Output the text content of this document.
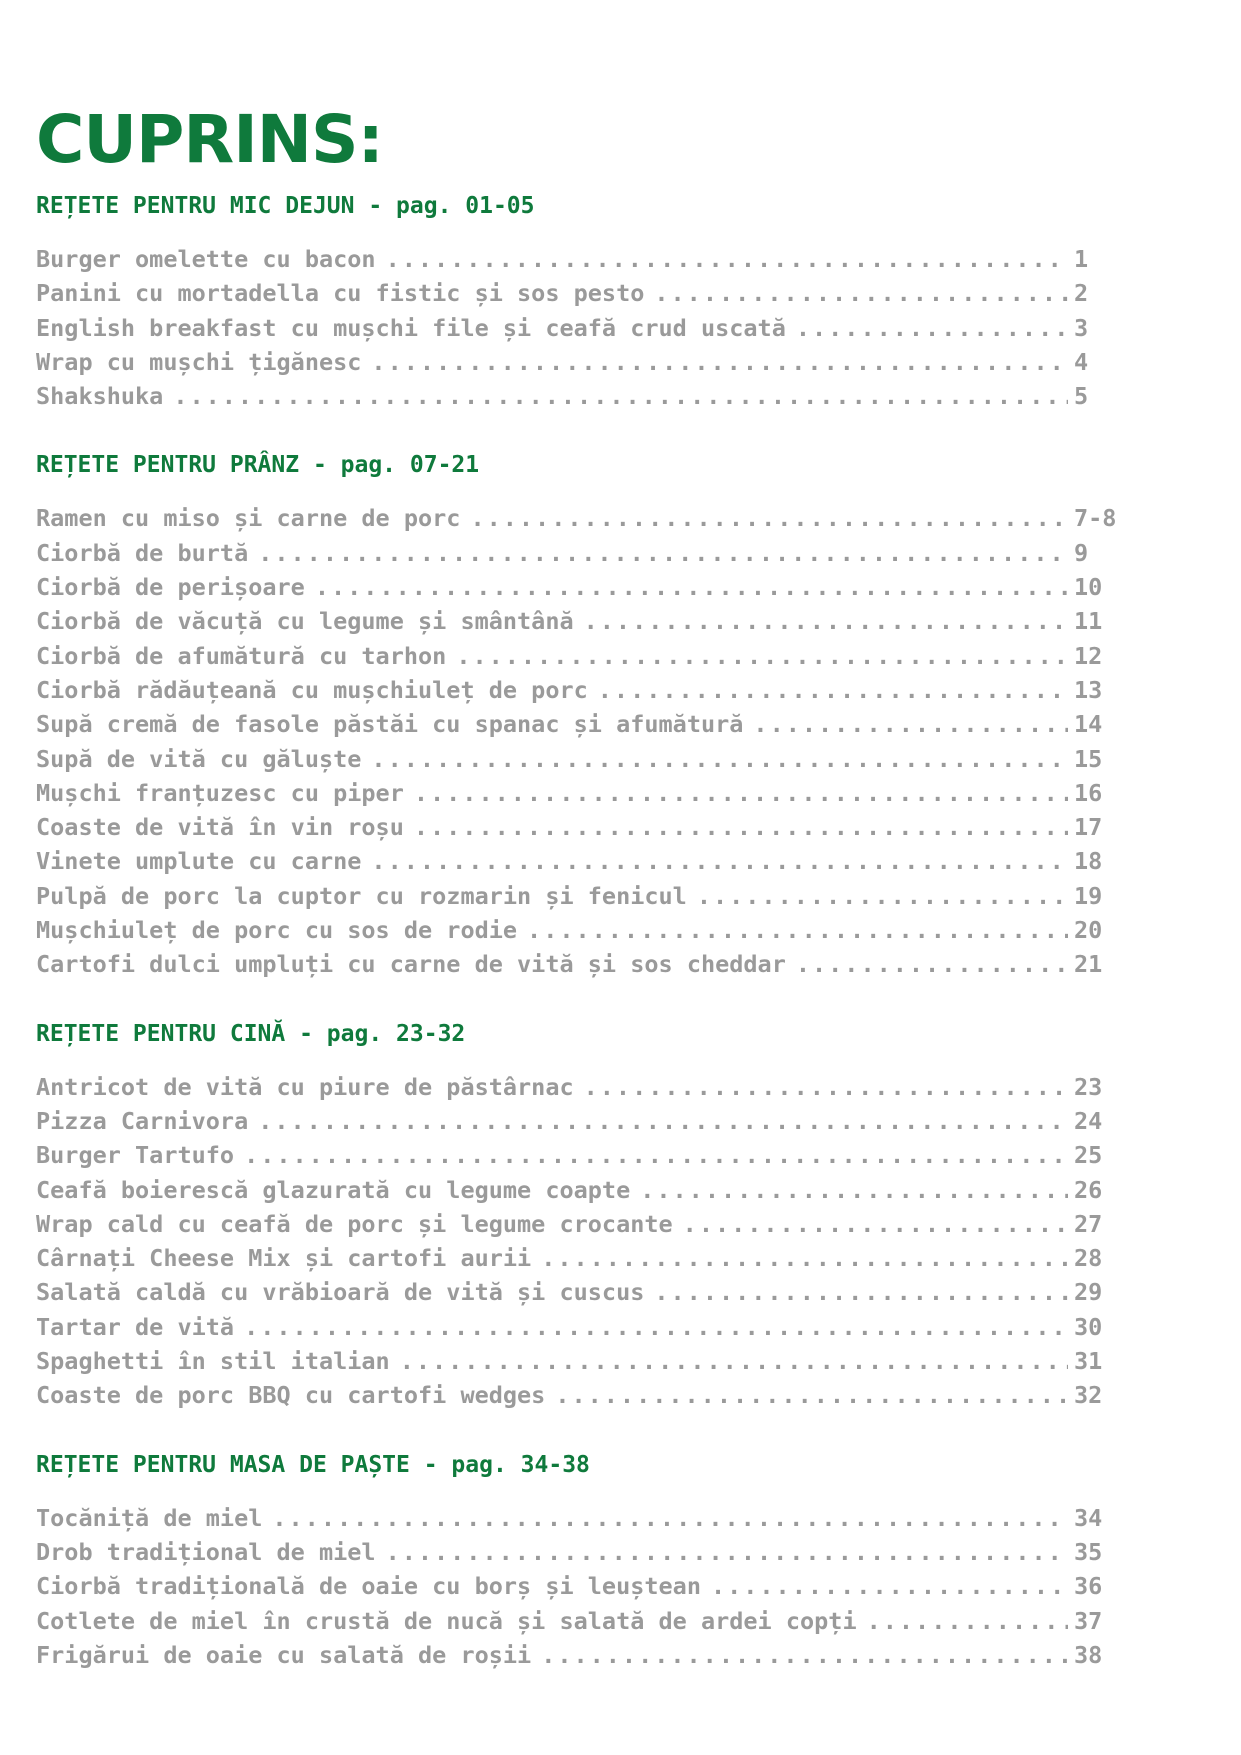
CUPRINS:
REȚETE PENTRU MIC DEJUN - pag. 01-05
Burger omelette cu bacon .....	1
Panini cu mortadella cu fistic și sos pesto .....	2
English breakfast cu mușchi file și ceafă crud uscată .....	3
Wrap cu mușchi țigănesc .....	4
Shakshuka .....	5
REȚETE PENTRU PRÂNZ - pag. 07-21
Ramen cu miso și carne de porc .....	7-8
Ciorbă de burtă .....	9
Ciorbă de perișoare .....	10
Ciorbă de văcuță cu legume și smântână .....	11
Ciorbă de afumătură cu tarhon .....	12
Ciorbă rădăuțeană cu mușchiuleț de porc .....	13
Supă cremă de fasole păstăi cu spanac și afumătură .....	14
Supă de vită cu găluște .....	15
Mușchi franțuzesc cu piper .....	16
Coaste de vită în vin roșu .....	17
Vinete umplute cu carne .....	18
Pulpă de porc la cuptor cu rozmarin și fenicul .....	19
Mușchiuleț de porc cu sos de rodie .....	20
Cartofi dulci umpluți cu carne de vită și sos cheddar .....	21
REȚETE PENTRU CINĂ - pag. 23-32
Antricot de vită cu piure de păstârnac .....	23
Pizza Carnivora .....	24
Burger Tartufo .....	25
Ceafă boierescă glazurată cu legume coapte .....	26
Wrap cald cu ceafă de porc și legume crocante .....	27
Cârnați Cheese Mix și cartofi aurii .....	28
Salată caldă cu vrăbioară de vită și cuscus .....	29
Tartar de vită .....	30
Spaghetti în stil italian .....	31
Coaste de porc BBQ cu cartofi wedges .....	32
REȚETE PENTRU MASA DE PAȘTE - pag. 34-38
Tocăniță de miel .....	34
Drob tradițional de miel .....	35
Ciorbă tradițională de oaie cu borș și leuștean .....	36
Cotlete de miel în crustă de nucă și salată de ardei copți .....	37
Frigărui de oaie cu salată de roșii .....	38
